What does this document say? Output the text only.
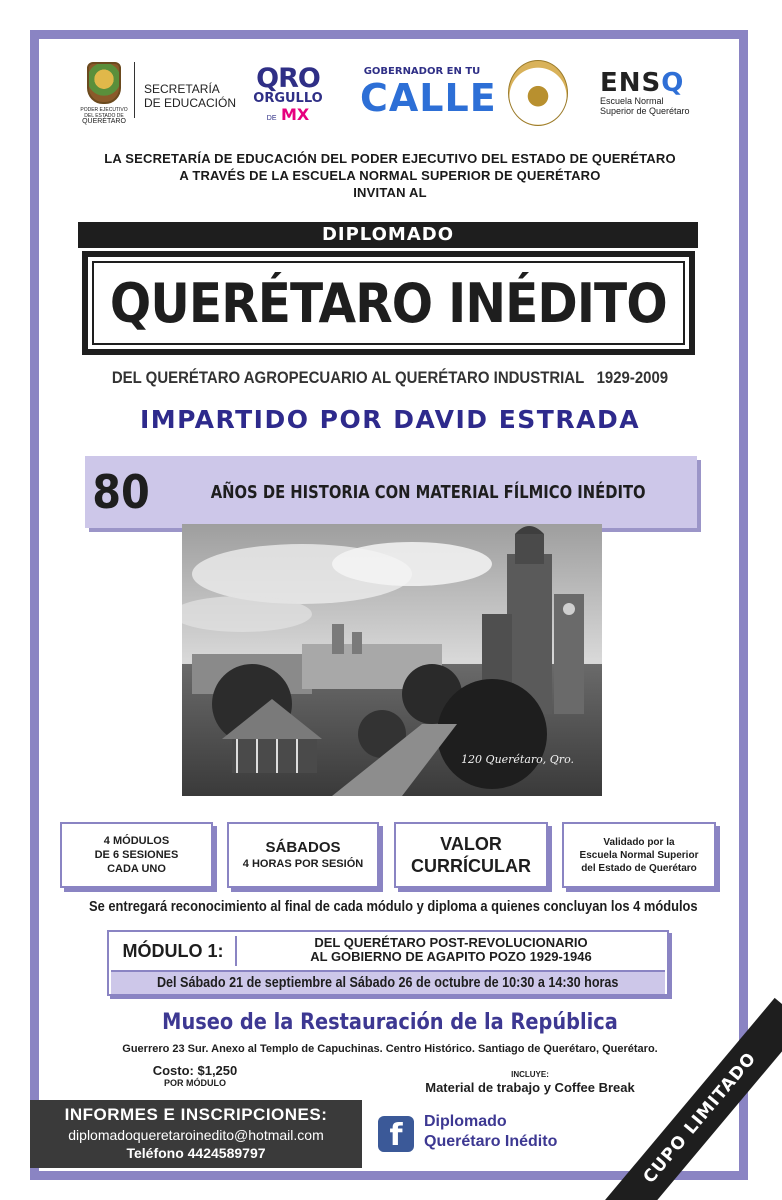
PODER EJECUTIVO DEL ESTADO DE
QUERÉTARO
SECRETARÍA
DE EDUCACIÓN
QRO
ORGULLO
DE MX
GOBERNADOR EN TU
CALLE	ENSQ
Escuela Normal
Superior de Querétaro
LA SECRETARÍA DE EDUCACIÓN DEL PODER EJECUTIVO DEL ESTADO DE QUERÉTARO
A TRAVÉS DE LA ESCUELA NORMAL SUPERIOR DE QUERÉTARO
INVITAN AL
DIPLOMADO
QUERÉTARO INÉDITO
DEL QUERÉTARO AGROPECUARIO AL QUERÉTARO INDUSTRIAL 1929-2009
IMPARTIDO POR DAVID ESTRADA
80	AÑOS DE HISTORIA CON MATERIAL FÍLMICO INÉDITO
120 Querétaro, Qro.
4 MÓDULOS
DE 6 SESIONES
CADA UNO
SÁBADOS
4 HORAS POR SESIÓN
VALOR
CURRÍCULAR
Validado por la
Escuela Normal Superior
del Estado de Querétaro
Se entregará reconocimiento al final de cada módulo y diploma a quienes concluyan los 4 módulos
MÓDULO 1:	DEL QUERÉTARO POST-REVOLUCIONARIO
AL GOBIERNO DE AGAPITO POZO 1929-1946
Del Sábado 21 de septiembre al Sábado 26 de octubre de 10:30 a 14:30 horas
Museo de la Restauración de la República
Guerrero 23 Sur. Anexo al Templo de Capuchinas. Centro Histórico. Santiago de Querétaro, Querétaro.
Costo: $1,250
POR MÓDULO
INCLUYE:
Material de trabajo y Coffee Break
INFORMES E INSCRIPCIONES:
diplomadoqueretaroinedito@hotmail.com
Teléfono 4424589797	f	Diplomado
Querétaro Inédito	CUPO LIMITADO
